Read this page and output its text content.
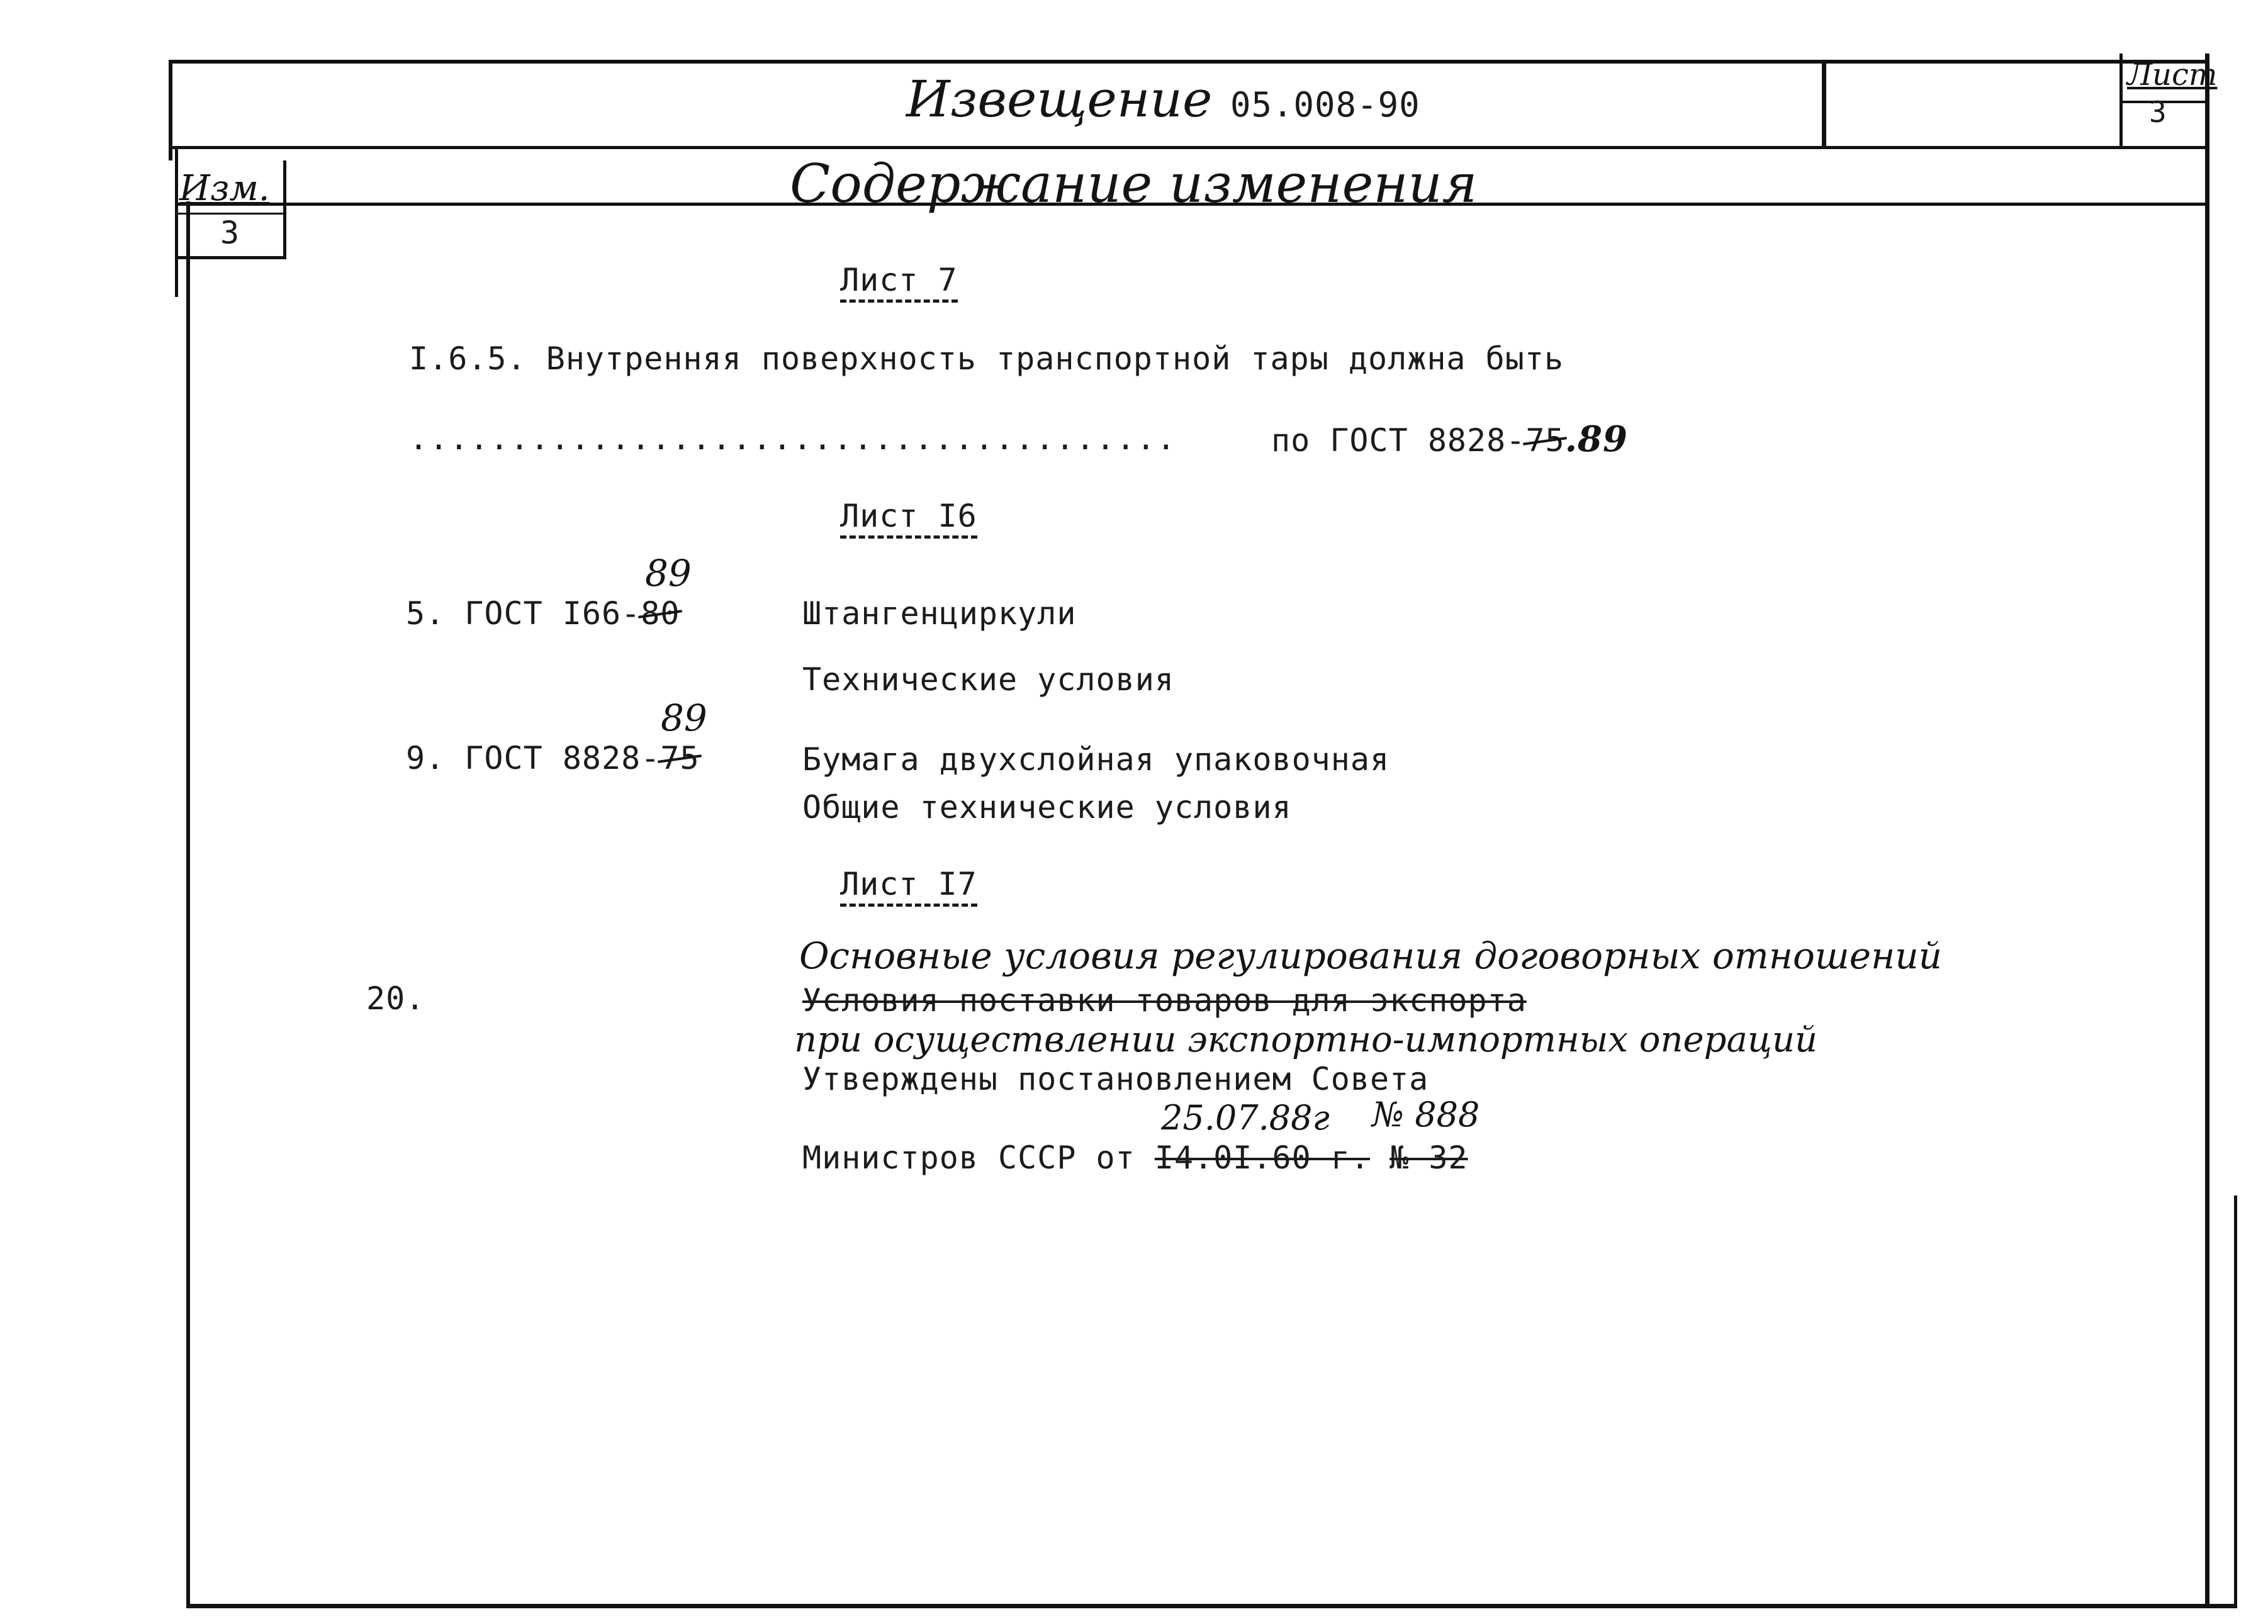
Извещение 05.008-90
Лист
3
Изм.
3
Содержание изменения
Лист 7
I.6.5. Внутренняя поверхность транспортной тары должна быть
......................................	по ГОСТ 8828-75.89
Лист I6
89
5. ГОСТ I66-80	Штангенциркули
Технические условия
89
9. ГОСТ 8828-75	Бумага двухслойная упаковочная
Общие технические условия
Лист I7
20.
Основные условия регулирования договорных отношений
Условия поставки товаров для экспорта
при осуществлении экспортно-импортных операций
Утверждены постановлением Совета
25.07.88г № 888
Министров СССР от I4.0I.60 г. № 32
